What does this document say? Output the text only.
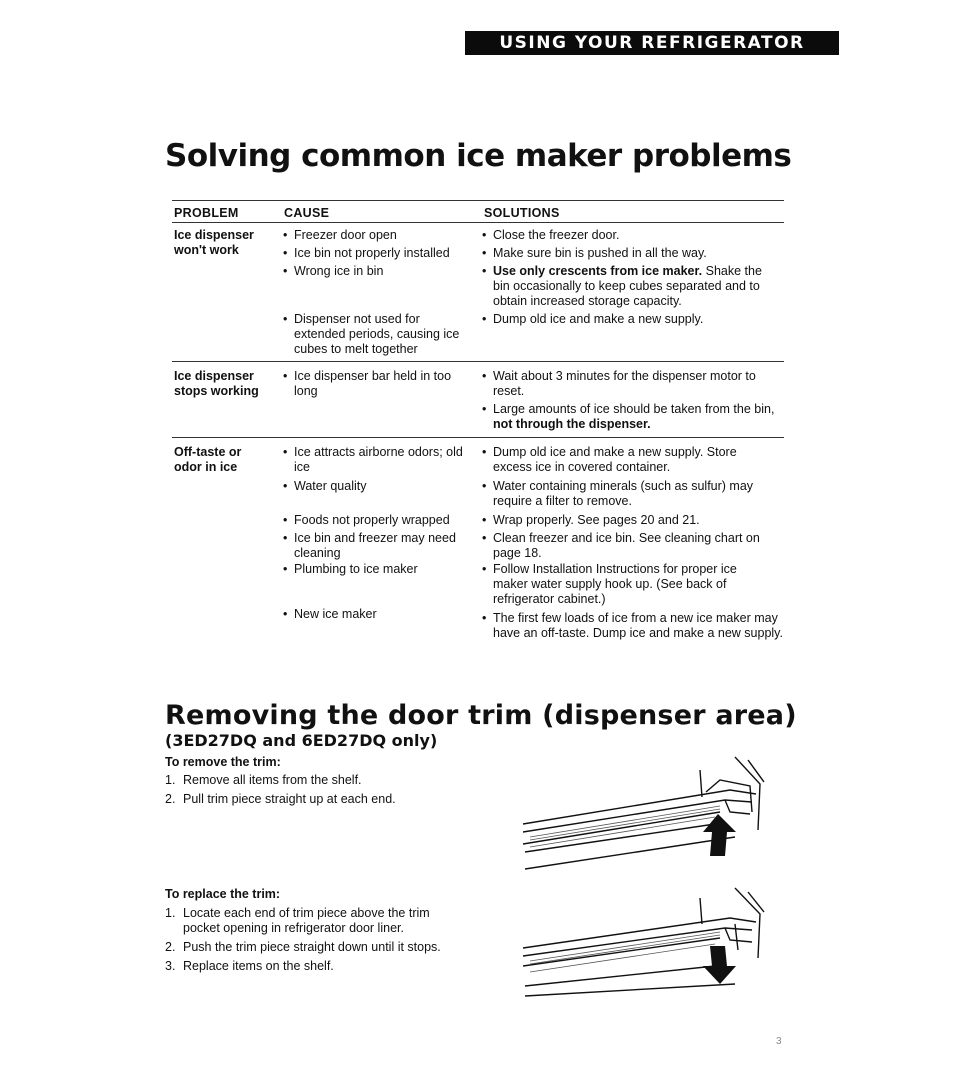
USING YOUR REFRIGERATOR
Solving common ice maker problems
PROBLEM	CAUSE	SOLUTIONS
Ice dispenser
won't work

• Freezer door open

• Ice bin not properly installed

• Wrong ice in bin

• Dispenser not used for extended periods, causing ice cubes to melt together

• Close the freezer door.

• Make sure bin is pushed in all the way.

• Use only crescents from ice maker. Shake the bin occasionally to keep cubes separated and to obtain increased storage capacity.

• Dump old ice and make a new supply.

Ice dispenser
stops working

• Ice dispenser bar held in too long

• Wait about 3 minutes for the dispenser motor to reset.

• Large amounts of ice should be taken from the bin, not through the dispenser.

Off-taste or
odor in ice

• Ice attracts airborne odors; old ice

• Water quality

• Foods not properly wrapped

• Ice bin and freezer may need cleaning

• Plumbing to ice maker

• New ice maker

• Dump old ice and make a new supply. Store excess ice in covered container.

• Water containing minerals (such as sulfur) may require a filter to remove.

• Wrap properly. See pages 20 and 21.

• Clean freezer and ice bin. See cleaning chart on page 18.

• Follow Installation Instructions for proper ice maker water supply hook up. (See back of refrigerator cabinet.)

• The first few loads of ice from a new ice maker may have an off-taste. Dump ice and make a new supply.

Removing the door trim (dispenser area)
(3ED27DQ and 6ED27DQ only)
To remove the trim:
1. Remove all items from the shelf.
2. Pull trim piece straight up at each end.
To replace the trim:
1. Locate each end of trim piece above the trim pocket opening in refrigerator door liner.
2. Push the trim piece straight down until it stops.
3. Replace items on the shelf.
3
